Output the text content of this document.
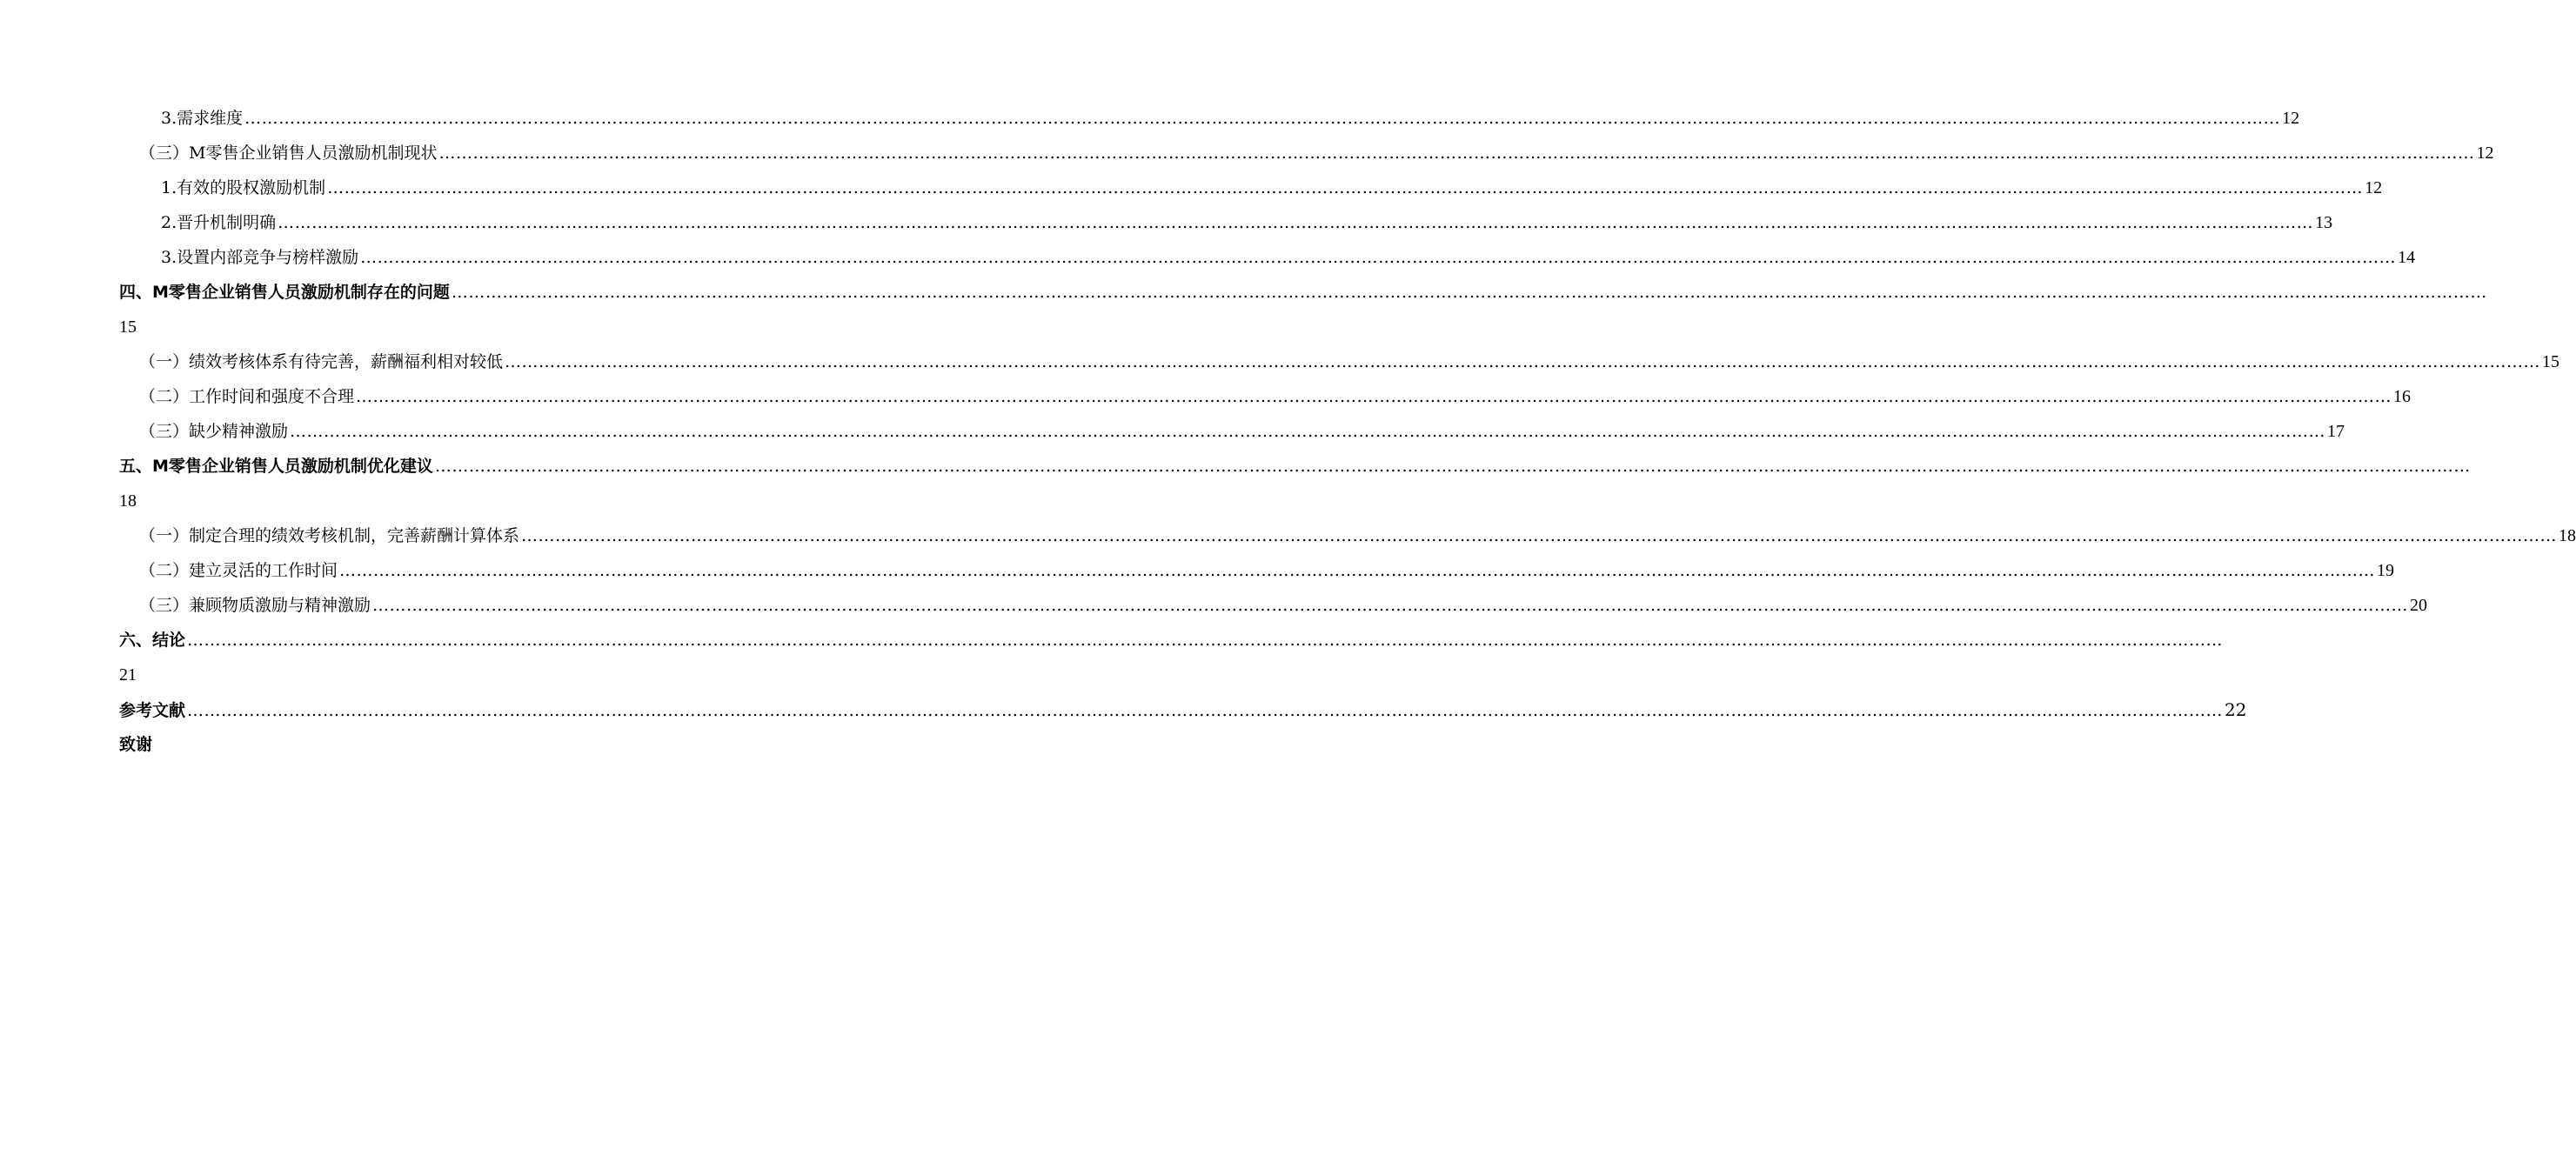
3.需求维度 ……………………………………………………………………………………………………………………………………………………………………………………………………………………………………………………………………………………………………………………………… 12
（三）M零售企业销售人员激励机制现状 ……………………………………………………………………………………………………………………………………………………………………………………………………………………………………………………………………………………………………………………………… 12
1.有效的股权激励机制 ……………………………………………………………………………………………………………………………………………………………………………………………………………………………………………………………………………………………………………………………… 12
2.晋升机制明确 ……………………………………………………………………………………………………………………………………………………………………………………………………………………………………………………………………………………………………………………………… 13
3.设置内部竞争与榜样激励 ……………………………………………………………………………………………………………………………………………………………………………………………………………………………………………………………………………………………………………………………… 14
四、M零售企业销售人员激励机制存在的问题 ………………………………………………………………………………………………………………………………………………………………………………………………………………………………………………………………………………………………………………………………
15
（一）绩效考核体系有待完善，薪酬福利相对较低 ……………………………………………………………………………………………………………………………………………………………………………………………………………………………………………………………………………………………………………………………… 15
（二）工作时间和强度不合理 ……………………………………………………………………………………………………………………………………………………………………………………………………………………………………………………………………………………………………………………………… 16
（三）缺少精神激励 ……………………………………………………………………………………………………………………………………………………………………………………………………………………………………………………………………………………………………………………………… 17
五、M零售企业销售人员激励机制优化建议 ………………………………………………………………………………………………………………………………………………………………………………………………………………………………………………………………………………………………………………………………
18
（一）制定合理的绩效考核机制，完善薪酬计算体系 ……………………………………………………………………………………………………………………………………………………………………………………………………………………………………………………………………………………………………………………………… 18
（二）建立灵活的工作时间 ……………………………………………………………………………………………………………………………………………………………………………………………………………………………………………………………………………………………………………………………… 19
（三）兼顾物质激励与精神激励 ……………………………………………………………………………………………………………………………………………………………………………………………………………………………………………………………………………………………………………………………… 20
六、结论 ………………………………………………………………………………………………………………………………………………………………………………………………………………………………………………………………………………………………………………………………
21
参考文献 ……………………………………………………………………………………………………………………………………………………………………………………………………………………………………………………………………………………………………………………………… 22
致谢
